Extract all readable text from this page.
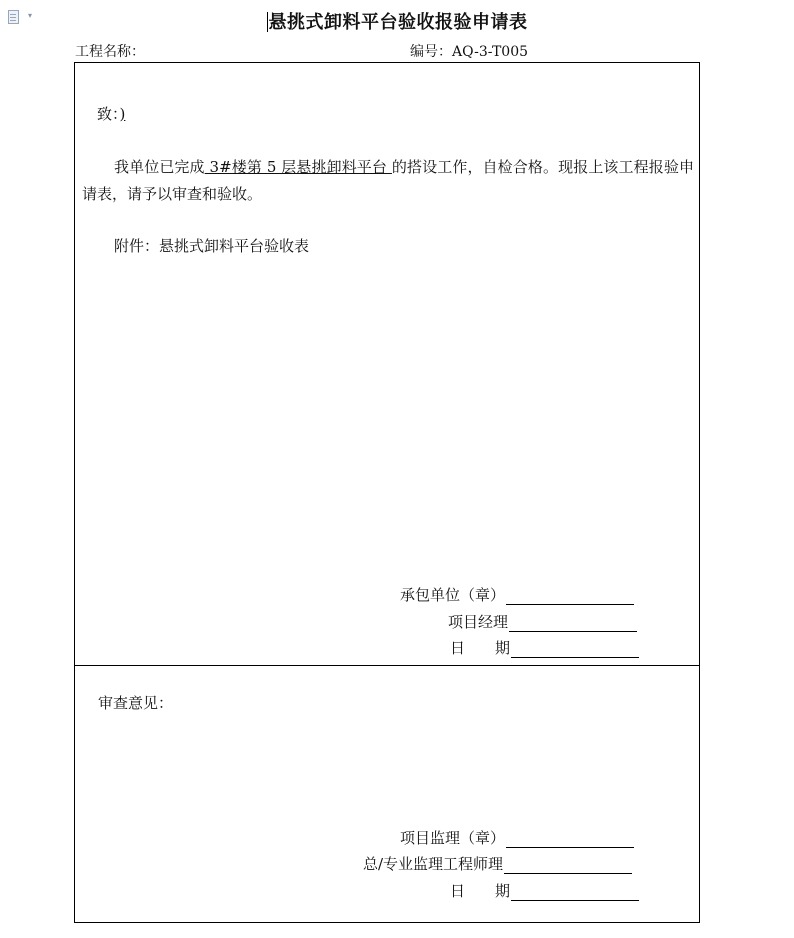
▾	悬挑式卸料平台验收报验申请表
工程名称：	编号：AQ-3-T005
致：)
我单位已完成 3#楼第 5 层悬挑卸料平台 的搭设工作，自检合格。现报上该工程报验申请表，请予以审查和验收。
附件：悬挑式卸料平台验收表
承包单位（章）
项目经理
日　　期
审查意见：
项目监理（章）
总/专业监理工程师理
日　　期
